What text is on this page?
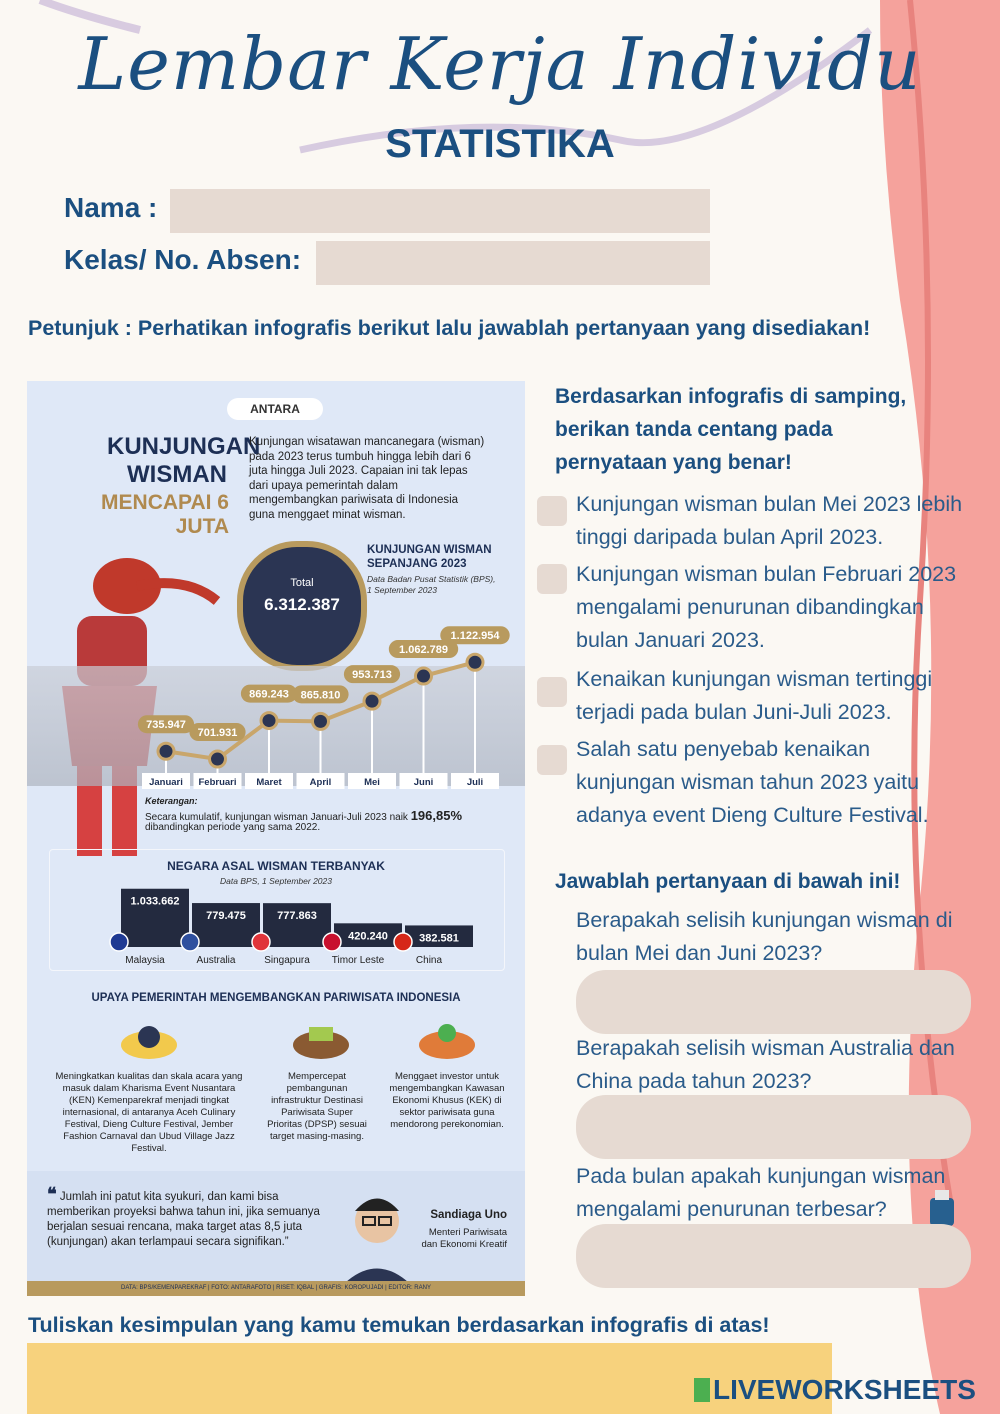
Lembar Kerja Individu
STATISTIKA
Nama :
Kelas/ No. Absen:
Petunjuk : Perhatikan infografis berikut lalu jawablah pertanyaan yang disediakan!
ANTARA
KUNJUNGAN
WISMAN
MENCAPAI 6 JUTA
Kunjungan wisatawan mancanegara (wisman) pada 2023 terus tumbuh hingga lebih dari 6 juta hingga Juli 2023. Capaian ini tak lepas dari upaya pemerintah dalam mengembangkan pariwisata di Indonesia guna menggaet minat wisman.
Total
6.312.387
KUNJUNGAN WISMAN
SEPANJANG 2023
Data Badan Pusat Statistik (BPS),
1 September 2023
735.947
Januari
701.931
Februari
869.243
Maret
865.810
April
953.713
Mei
1.062.789
Juni
1.122.954
Juli
Keterangan:
Secara kumulatif, kunjungan wisman Januari-Juli 2023 naik 196,85%
dibandingkan periode yang sama 2022.
NEGARA ASAL WISMAN TERBANYAK
Data BPS, 1 September 2023
1.033.662
Malaysia
779.475
Australia
777.863
Singapura
420.240
Timor Leste
382.581
China
UPAYA PEMERINTAH MENGEMBANGKAN PARIWISATA INDONESIA
Meningkatkan kualitas dan skala acara yang masuk dalam Kharisma Event Nusantara (KEN) Kemenparekraf menjadi tingkat internasional, di antaranya Aceh Culinary Festival, Dieng Culture Festival, Jember Fashion Carnaval dan Ubud Village Jazz Festival.
Mempercepat pembangunan infrastruktur Destinasi Pariwisata Super Prioritas (DPSP) sesuai target masing-masing.
Menggaet investor untuk mengembangkan Kawasan Ekonomi Khusus (KEK) di sektor pariwisata guna mendorong perekonomian.
❝ Jumlah ini patut kita syukuri, dan kami bisa memberikan proyeksi bahwa tahun ini, jika semuanya berjalan sesuai rencana, maka target atas 8,5 juta (kunjungan) akan terlampaui secara signifikan.”
Sandiaga Uno
Menteri Pariwisata
dan Ekonomi Kreatif
DATA: BPS/KEMENPAREKRAF | FOTO: ANTARAFOTO | RISET: IQBAL | GRAFIS: KOROPUJADI | EDITOR: RANY
Berdasarkan infografis di samping,
berikan tanda centang pada
pernyataan yang benar!
Kunjungan wisman bulan Mei 2023 lebih
tinggi daripada bulan April 2023.
Kunjungan wisman bulan Februari 2023
mengalami penurunan dibandingkan
bulan Januari 2023.
Kenaikan kunjungan wisman tertinggi
terjadi pada bulan Juni-Juli 2023.
Salah satu penyebab kenaikan
kunjungan wisman tahun 2023 yaitu
adanya event Dieng Culture Festival.
Jawablah pertanyaan di bawah ini!
Berapakah selisih kunjungan wisman di
bulan Mei dan Juni 2023?
Berapakah selisih wisman Australia dan
China pada tahun 2023?
Pada bulan apakah kunjungan wisman
mengalami penurunan terbesar?
Tuliskan kesimpulan yang kamu temukan berdasarkan infografis di atas!
LIVEWORKSHEETS
